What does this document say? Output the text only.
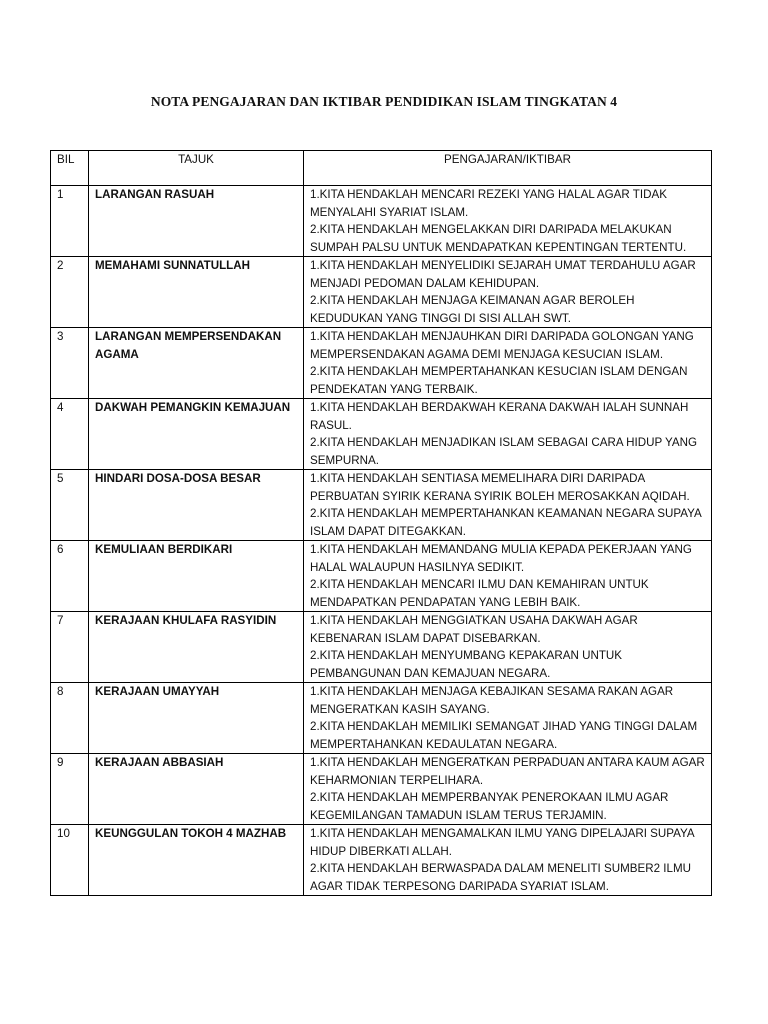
NOTA PENGAJARAN DAN IKTIBAR PENDIDIKAN ISLAM TINGKATAN 4
BIL	TAJUK	PENGAJARAN/IKTIBAR
1	LARANGAN RASUAH	1.KITA HENDAKLAH MENCARI REZEKI YANG HALAL AGAR TIDAK MENYALAHI SYARIAT ISLAM.
2.KITA HENDAKLAH MENGELAKKAN DIRI DARIPADA MELAKUKAN SUMPAH PALSU UNTUK MENDAPATKAN KEPENTINGAN TERTENTU.

2	MEMAHAMI SUNNATULLAH	1.KITA HENDAKLAH MENYELIDIKI SEJARAH UMAT TERDAHULU AGAR MENJADI PEDOMAN DALAM KEHIDUPAN.
2.KITA HENDAKLAH MENJAGA KEIMANAN AGAR BEROLEH KEDUDUKAN YANG TINGGI DI SISI ALLAH SWT.

3	LARANGAN MEMPERSENDAKAN AGAMA	1.KITA HENDAKLAH MENJAUHKAN DIRI DARIPADA GOLONGAN YANG MEMPERSENDAKAN AGAMA DEMI MENJAGA KESUCIAN ISLAM.
2.KITA HENDAKLAH MEMPERTAHANKAN KESUCIAN ISLAM DENGAN PENDEKATAN YANG TERBAIK.

4	DAKWAH PEMANGKIN KEMAJUAN	1.KITA HENDAKLAH BERDAKWAH KERANA DAKWAH IALAH SUNNAH RASUL.
2.KITA HENDAKLAH MENJADIKAN ISLAM SEBAGAI CARA HIDUP YANG SEMPURNA.

5	HINDARI DOSA-DOSA BESAR	1.KITA HENDAKLAH SENTIASA MEMELIHARA DIRI DARIPADA PERBUATAN SYIRIK KERANA SYIRIK BOLEH MEROSAKKAN AQIDAH.
2.KITA HENDAKLAH MEMPERTAHANKAN KEAMANAN NEGARA SUPAYA ISLAM DAPAT DITEGAKKAN.

6	KEMULIAAN BERDIKARI	1.KITA HENDAKLAH MEMANDANG MULIA KEPADA PEKERJAAN YANG HALAL WALAUPUN HASILNYA SEDIKIT.
2.KITA HENDAKLAH MENCARI ILMU DAN KEMAHIRAN UNTUK MENDAPATKAN PENDAPATAN YANG LEBIH BAIK.

7	KERAJAAN KHULAFA RASYIDIN	1.KITA HENDAKLAH MENGGIATKAN USAHA DAKWAH AGAR KEBENARAN ISLAM DAPAT DISEBARKAN.
2.KITA HENDAKLAH MENYUMBANG KEPAKARAN UNTUK PEMBANGUNAN DAN KEMAJUAN NEGARA.

8	KERAJAAN UMAYYAH	1.KITA HENDAKLAH MENJAGA KEBAJIKAN SESAMA RAKAN AGAR MENGERATKAN KASIH SAYANG.
2.KITA HENDAKLAH MEMILIKI SEMANGAT JIHAD YANG TINGGI DALAM MEMPERTAHANKAN KEDAULATAN NEGARA.

9	KERAJAAN ABBASIAH	1.KITA HENDAKLAH MENGERATKAN PERPADUAN ANTARA KAUM AGAR KEHARMONIAN TERPELIHARA.
2.KITA HENDAKLAH MEMPERBANYAK PENEROKAAN ILMU AGAR KEGEMILANGAN TAMADUN ISLAM TERUS TERJAMIN.

10	KEUNGGULAN TOKOH 4 MAZHAB	1.KITA HENDAKLAH MENGAMALKAN ILMU YANG DIPELAJARI SUPAYA HIDUP DIBERKATI ALLAH.
2.KITA HENDAKLAH BERWASPADA DALAM MENELITI SUMBER2 ILMU AGAR TIDAK TERPESONG DARIPADA SYARIAT ISLAM.
